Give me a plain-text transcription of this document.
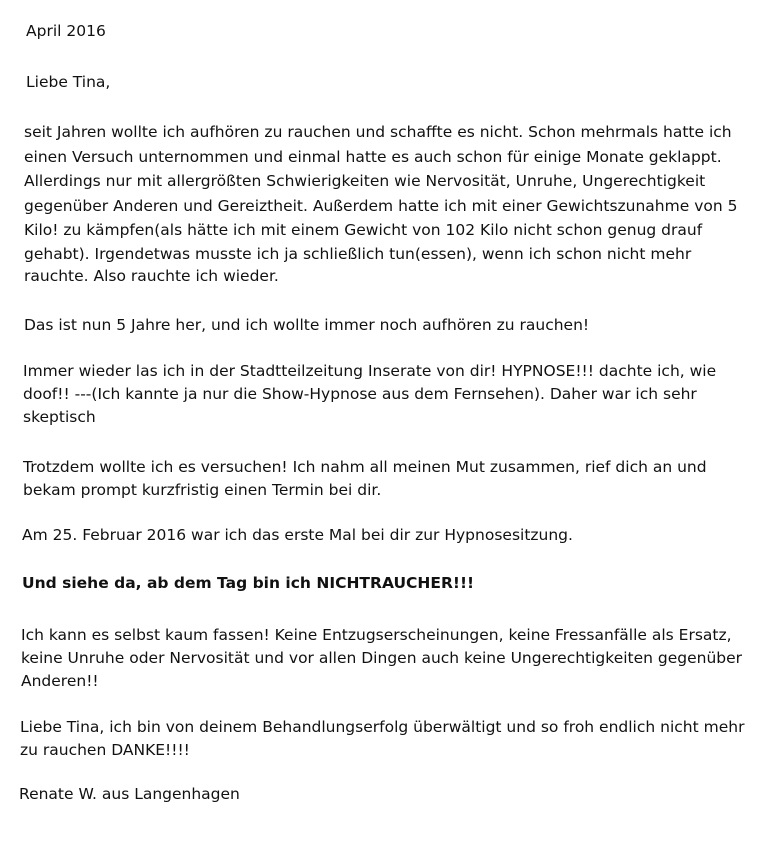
April 2016
Liebe Tina,
seit Jahren wollte ich aufhören zu rauchen und schaffte es nicht. Schon mehrmals hatte ich
einen Versuch unternommen und einmal hatte es auch schon für einige Monate geklappt.
Allerdings nur mit allergrößten Schwierigkeiten wie Nervosität, Unruhe, Ungerechtigkeit
gegenüber Anderen und Gereiztheit. Außerdem hatte ich mit einer Gewichtszunahme von 5
Kilo! zu kämpfen(als hätte ich mit einem Gewicht von 102 Kilo nicht schon genug drauf
gehabt). Irgendetwas musste ich ja schließlich tun(essen), wenn ich schon nicht mehr
rauchte. Also rauchte ich wieder.
Das ist nun 5 Jahre her, und ich wollte immer noch aufhören zu rauchen!
Immer wieder las ich in der Stadtteilzeitung Inserate von dir! HYPNOSE!!! dachte ich, wie
doof!! ---(Ich kannte ja nur die Show-Hypnose aus dem Fernsehen). Daher war ich sehr
skeptisch
Trotzdem wollte ich es versuchen! Ich nahm all meinen Mut zusammen, rief dich an und
bekam prompt kurzfristig einen Termin bei dir.
Am 25. Februar 2016 war ich das erste Mal bei dir zur Hypnosesitzung.
Und siehe da, ab dem Tag bin ich NICHTRAUCHER!!!
Ich kann es selbst kaum fassen! Keine Entzugserscheinungen, keine Fressanfälle als Ersatz,
keine Unruhe oder Nervosität und vor allen Dingen auch keine Ungerechtigkeiten gegenüber
Anderen!!
Liebe Tina, ich bin von deinem Behandlungserfolg überwältigt und so froh endlich nicht mehr
zu rauchen DANKE!!!!
Renate W. aus Langenhagen
